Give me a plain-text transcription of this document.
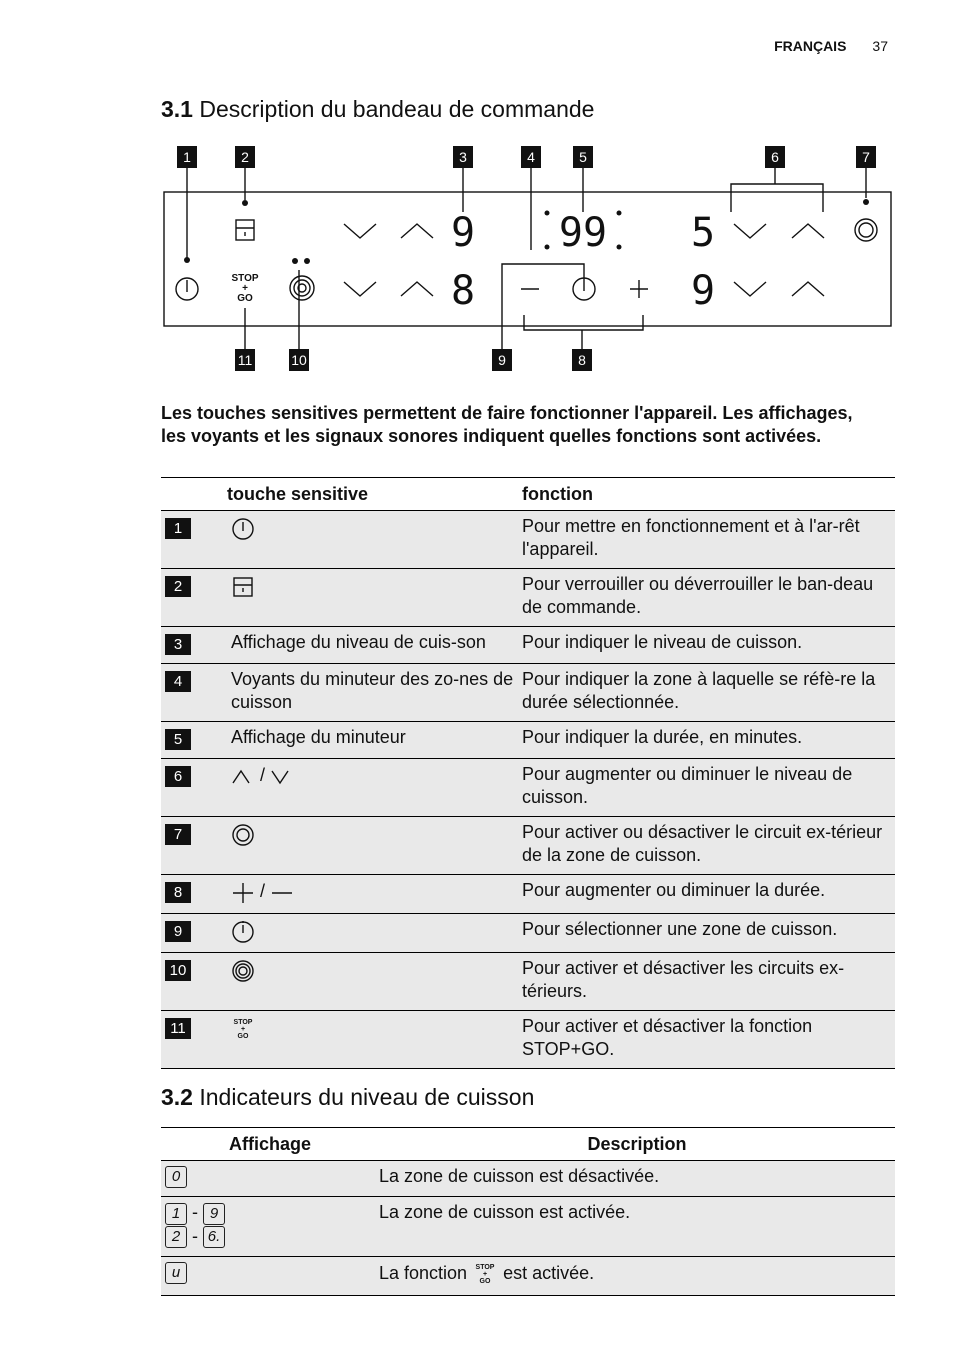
FRANÇAIS 37
3.1 Description du bandeau de commande
STOP
+
GO
9
8
99 5
9
1	2	3	4	5	6	7
8
9
10
11
Les touches sensitives permettent de faire fonctionner l'appareil. Les affichages, les voyants et les signaux sonores indiquent quelles fonctions sont activées.
touche sensitive		fonction
1		Pour mettre en fonctionnement et à l'ar-rêt l'appareil.
2		Pour verrouiller ou déverrouiller le ban-deau de commande.
3	Affichage du niveau de cuis-son	Pour indiquer le niveau de cuisson.
4	Voyants du minuteur des zo-nes de cuisson	Pour indiquer la zone à laquelle se réfè-re la durée sélectionnée.
5	Affichage du minuteur	Pour indiquer la durée, en minutes.
6	/	Pour augmenter ou diminuer le niveau de cuisson.
7		Pour activer ou désactiver le circuit ex-térieur de la zone de cuisson.
8	/	Pour augmenter ou diminuer la durée.
9		Pour sélectionner une zone de cuisson.
10		Pour activer et désactiver les circuits ex-térieurs.
11	STOP
+
GO	Pour activer et désactiver la fonction STOP+GO.
3.2 Indicateurs du niveau de cuisson
Affichage	Description
0	La zone de cuisson est désactivée.
1 - 9
2 - 6.	La zone de cuisson est activée.
u	La fonction STOP
+
GO est activée.
